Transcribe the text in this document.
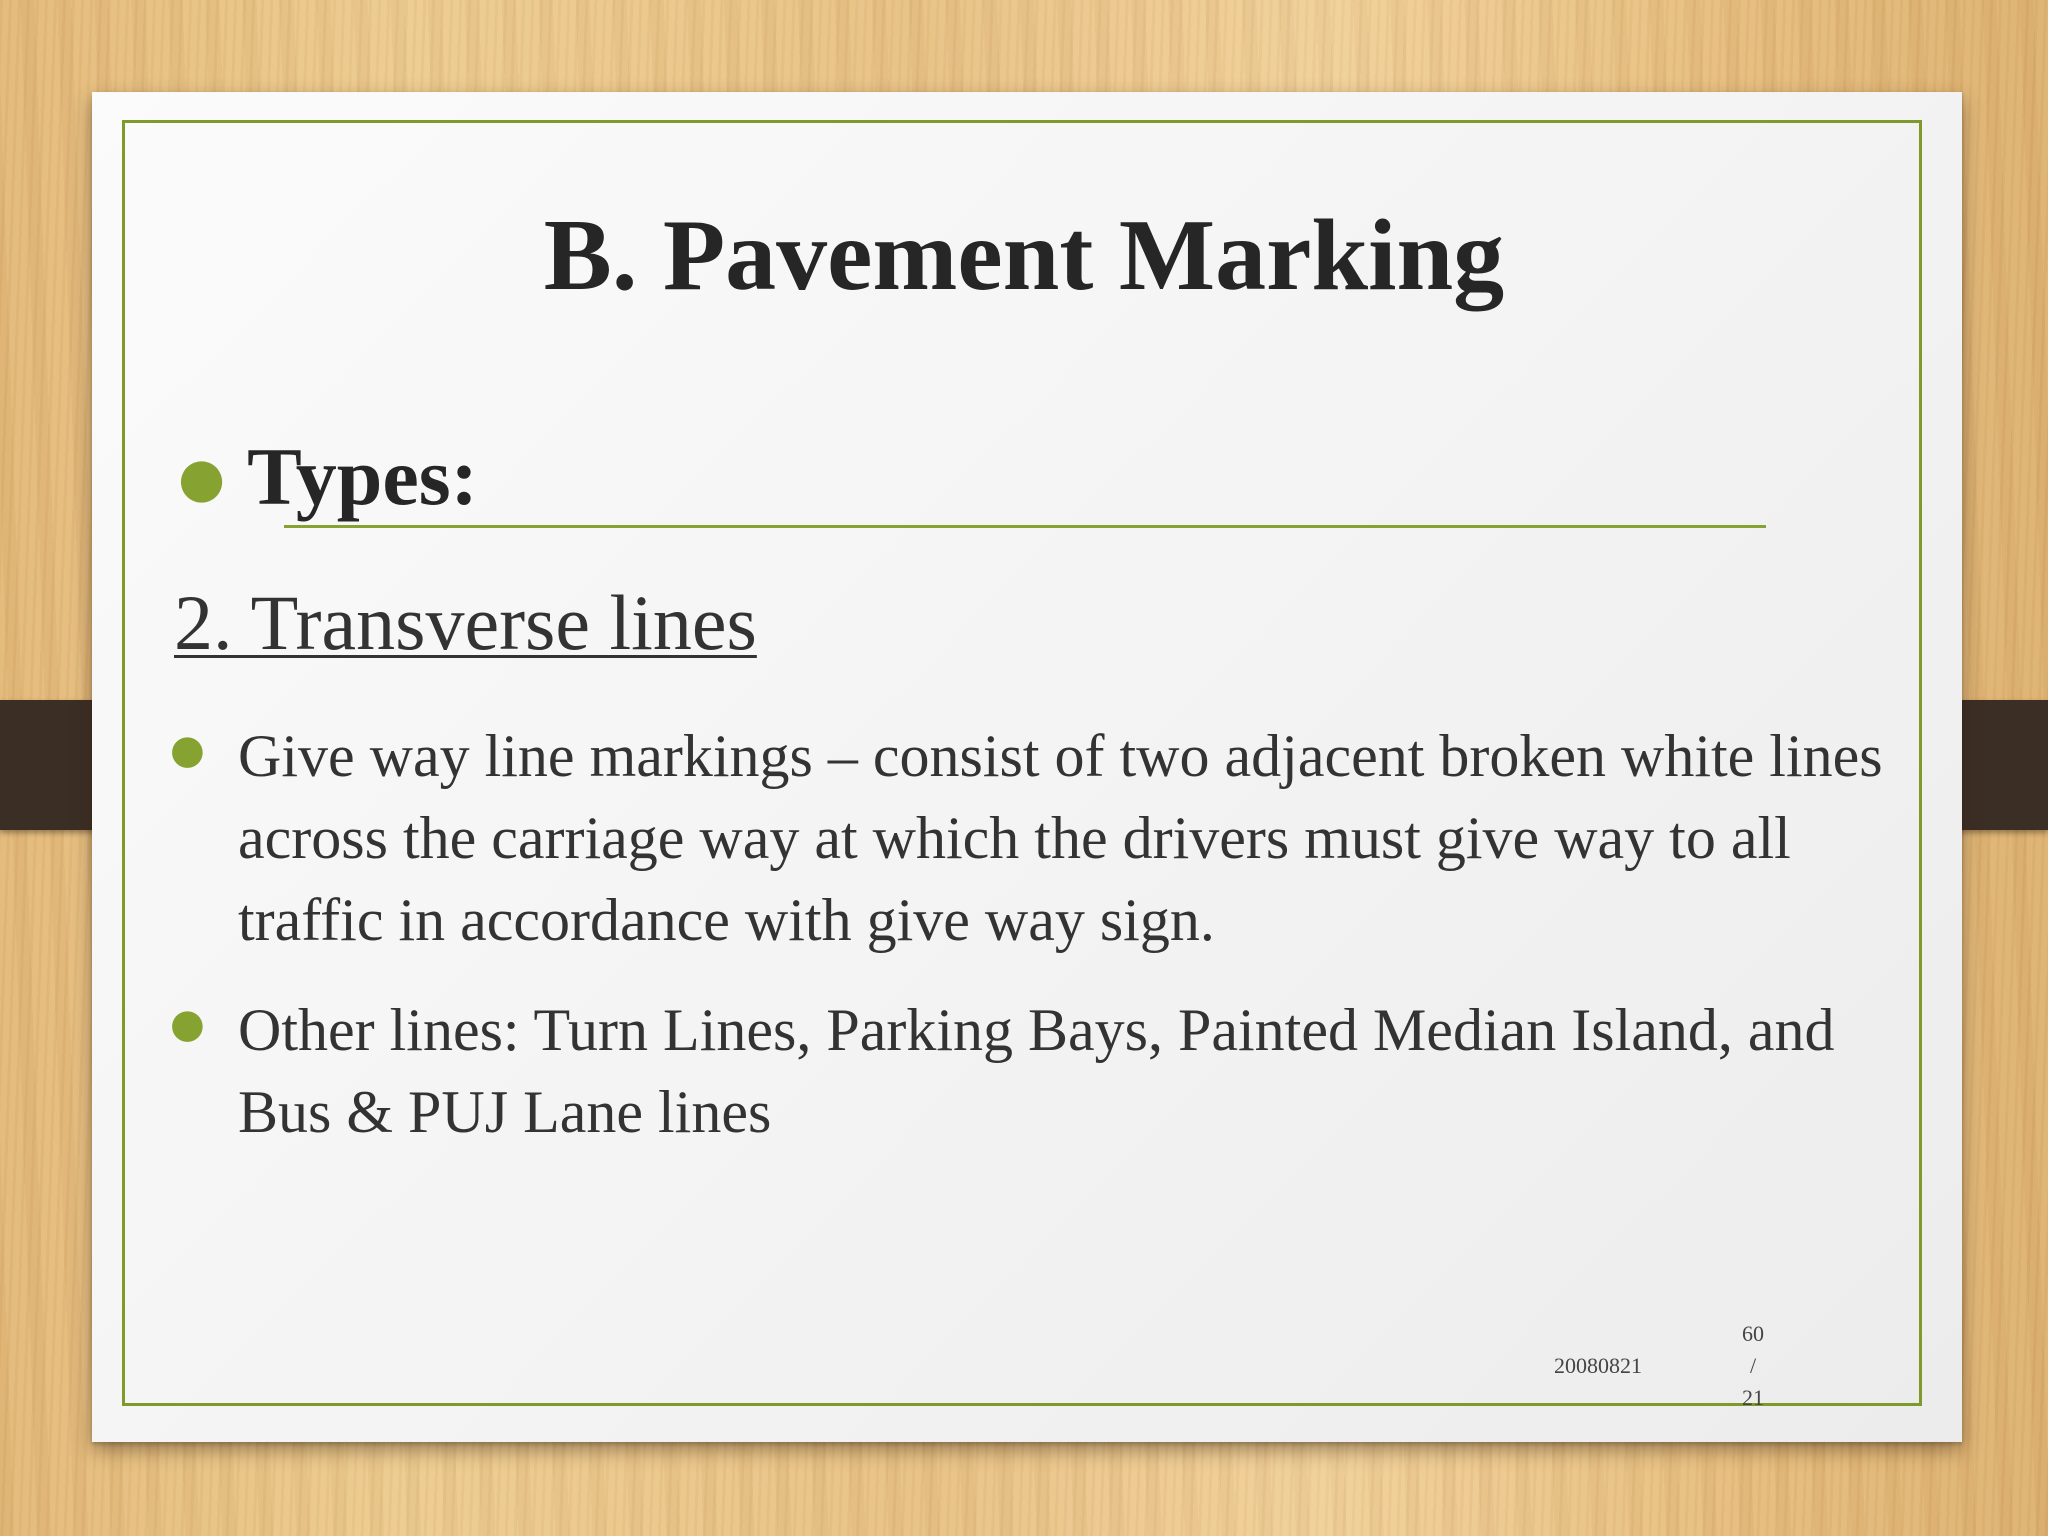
B. Pavement Marking
● Types:
2. Transverse lines
● Give way line markings – consist of two adjacent broken white lines across the carriage way at which the drivers must give way to all traffic in accordance with give way sign.
● Other lines: Turn Lines, Parking Bays, Painted Median Island, and Bus & PUJ Lane lines
20080821
60
/
21
